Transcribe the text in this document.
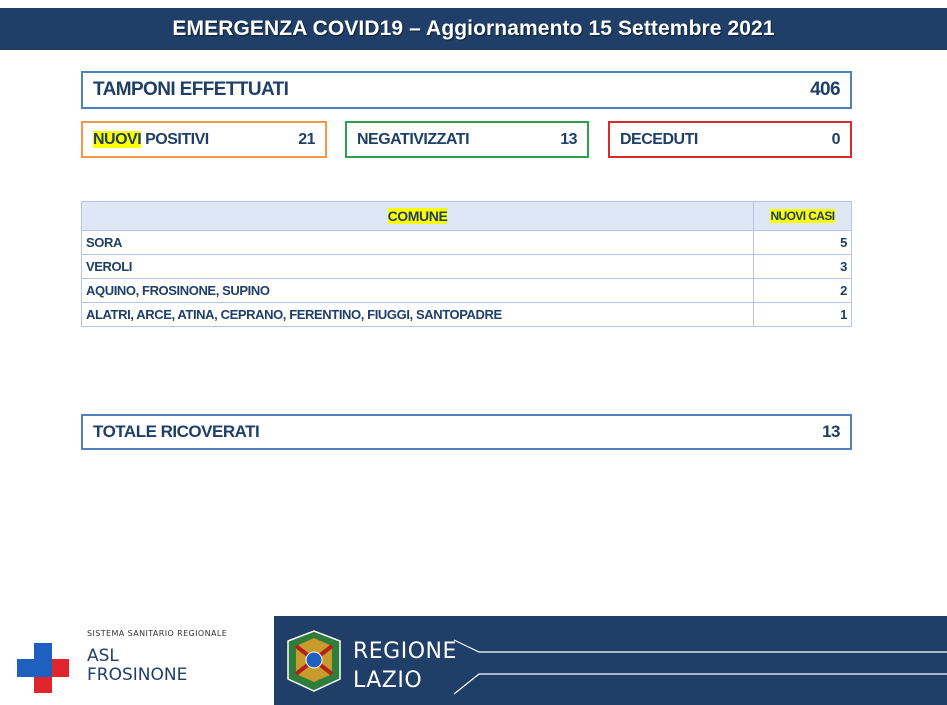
EMERGENZA COVID19 – Aggiornamento 15 Settembre 2021
TAMPONI EFFETTUATI	406
NUOVI POSITIVI	21	NEGATIVIZZATI	13	DECEDUTI	0
COMUNE	NUOVI CASI
SORA	5
VEROLI	3
AQUINO, FROSINONE, SUPINO	2
ALATRI, ARCE, ATINA, CEPRANO, FERENTINO, FIUGGI, SANTOPADRE	1
TOTALE RICOVERATI	13
SISTEMA SANITARIO REGIONALE
ASL
FROSINONE
REGIONE
LAZIO
